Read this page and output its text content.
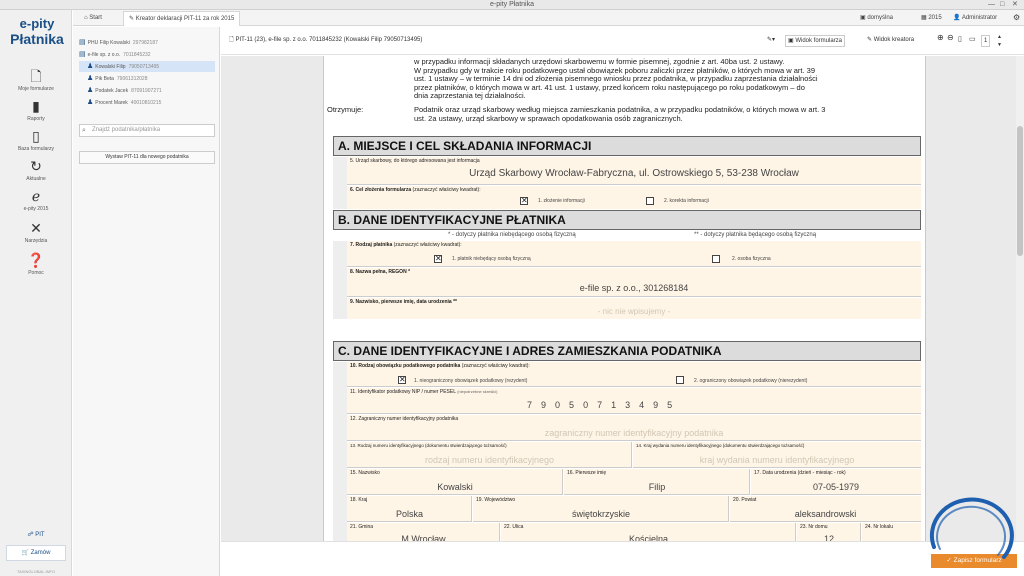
e-pity Płatnika	— □ ✕
e-pity
Płatnika
🗋
Moje formularze
▮
Raporty
▯
Baza formularzy
↻
Aktualne
ℯ
e-pity 2015
✕
Narzędzia
❓
Pomoc
☍ PIT
🛒 Zamów
TAXINGLOBAL.INFO
⌂ Start	✎ Kreator deklaracji PIT-11 za rok 2015	▣ domyślna	▦ 2015 👤 Administrator ⚙
▤ PHU Filip Kowalski 297982187
▤ e-file sp. z o.o. 7011845232
♟ Kowalski Filip 79050713495
♟ Pik Beta 79061312028
♟ Podatek Jacek 87091907271
♟ Procent Marek 40010810215
⌕ Znajdź podatnika/płatnika
Wystaw PIT-11 dla nowego podatnika
🗋 PIT-11 (23), e-file sp. z o.o. 7011845232 (Kowalski Filip 79050713495)	✎▾	▣ Widok formularza	✎ Widok kreatora	⊕ ⊖ ▯ ▭	1
▲
▼
w przypadku informacji składanych urzędowi skarbowemu w formie pisemnej, zgodnie z art. 40ba ust. 2 ustawy.
W przypadku gdy w trakcie roku podatkowego ustał obowiązek poboru zaliczki przez płatników, o których mowa w art. 39
ust. 1 ustawy – w terminie 14 dni od złożenia pisemnego wniosku przez podatnika, w przypadku zaprzestania działalności
przez płatników, o których mowa w art. 41 ust. 1 ustawy, przed końcem roku następującego po roku podatkowym – do
dnia zaprzestania tej działalności.
Otrzymuje:	Podatnik oraz urząd skarbowy według miejsca zamieszkania podatnika, a w przypadku podatników, o których mowa w art. 3
ust. 2a ustawy, urząd skarbowy w sprawach opodatkowania osób zagranicznych.
A. MIEJSCE I CEL SKŁADANIA INFORMACJI
5. Urząd skarbowy, do którego adresowana jest informacja
Urząd Skarbowy Wrocław-Fabryczna, ul. Ostrowskiego 5, 53-238 Wrocław
6. Cel złożenia formularza (zaznaczyć właściwy kwadrat):
✕ 1. złożenie informacji	2. korekta informacji
B. DANE IDENTYFIKACYJNE PŁATNIKA
* - dotyczy płatnika niebędącego osobą fizyczną	** - dotyczy płatnika będącego osobą fizyczną
7. Rodzaj płatnika (zaznaczyć właściwy kwadrat):
✕ 1. płatnik niebędący osobą fizyczną	2. osoba fizyczna
8. Nazwa pełna, REGON *
e-file sp. z o.o., 301268184
9. Nazwisko, pierwsze imię, data urodzenia **
- nic nie wpisujemy -
C. DANE IDENTYFIKACYJNE I ADRES ZAMIESZKANIA PODATNIKA
10. Rodzaj obowiązku podatkowego podatnika (zaznaczyć właściwy kwadrat):
✕ 1. nieograniczony obowiązek podatkowy (rezydent)	2. ograniczony obowiązek podatkowy (nierezydent)
11. Identyfikator podatkowy NIP / numer PESEL (niepotrzebne skreślić)
79050713495
12. Zagraniczny numer identyfikacyjny podatnika
zagraniczny numer identyfikacyjny podatnika
13. Rodzaj numeru identyfikacyjnego (dokumentu stwierdzającego tożsamość)
rodzaj numeru identyfikacyjnego
14. Kraj wydania numeru identyfikacyjnego (dokumentu stwierdzającego tożsamość)
kraj wydania numeru identyfikacyjnego
15. Nazwisko
Kowalski
16. Pierwsze imię
Filip
17. Data urodzenia (dzień - miesiąc - rok)
07-05-1979
18. Kraj
Polska
19. Województwo
świętokrzyskie
20. Powiat
aleksandrowski
21. Gmina
M.Wrocław
22. Ulica
Kościelna
23. Nr domu
12
24. Nr lokalu
✓ Zapisz formularz
